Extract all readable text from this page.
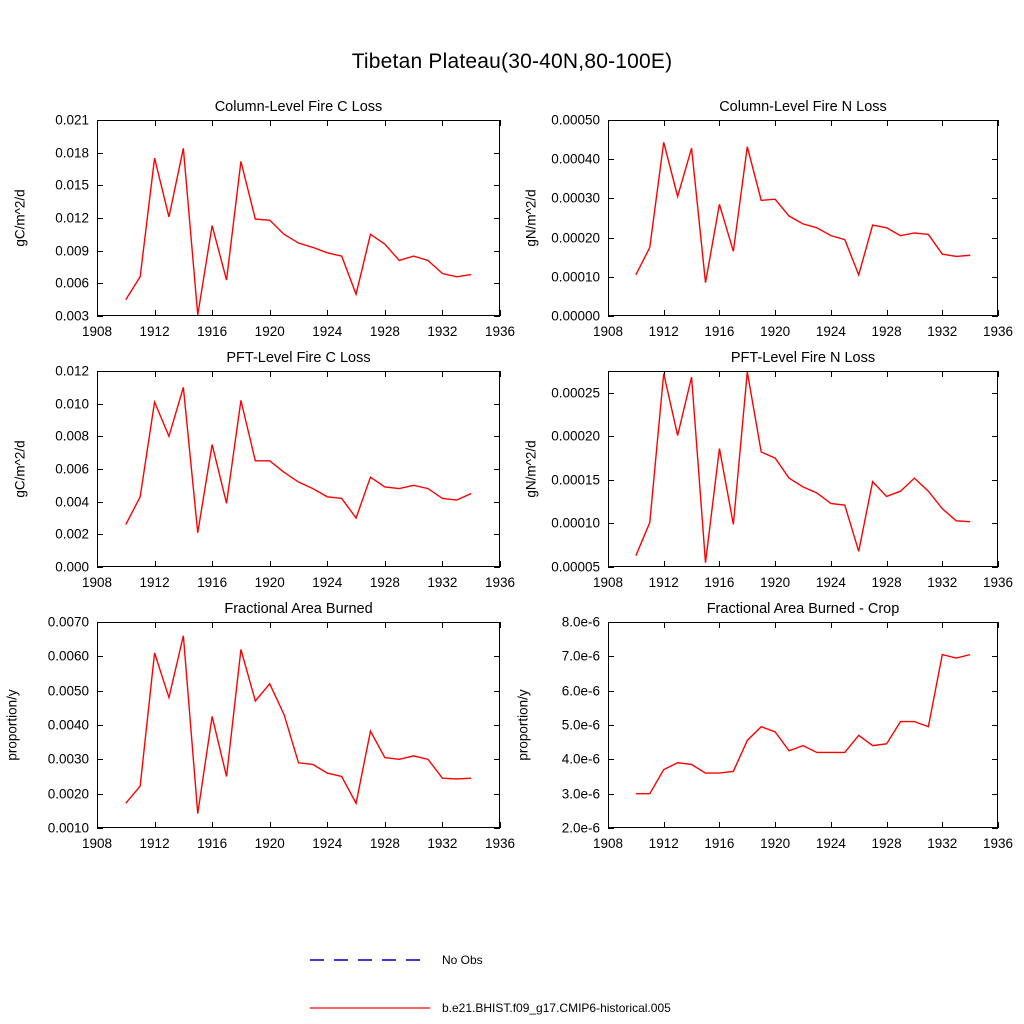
Tibetan Plateau(30-40N,80-100E)
Column-Level Fire C Loss
0.003
0.006
0.009
0.012
0.015
0.018
0.021
1908 1912 1916 1920 1924 1928 1932 1936
gC/m^2/d
Column-Level Fire N Loss
0.00000
0.00010
0.00020
0.00030
0.00040
0.00050
1908 1912 1916 1920 1924 1928 1932 1936
gN/m^2/d
PFT-Level Fire C Loss
0.000
0.002
0.004
0.006
0.008
0.010
0.012
1908 1912 1916 1920 1924 1928 1932 1936
gC/m^2/d
PFT-Level Fire N Loss
0.00005
0.00010
0.00015
0.00020
0.00025
1908 1912 1916 1920 1924 1928 1932 1936
gN/m^2/d
Fractional Area Burned
0.0010
0.0020
0.0030
0.0040
0.0050
0.0060
0.0070
1908 1912 1916 1920 1924 1928 1932 1936
proportion/y
Fractional Area Burned - Crop
2.0e-6
3.0e-6
4.0e-6
5.0e-6
6.0e-6
7.0e-6
8.0e-6
1908 1912 1916 1920 1924 1928 1932 1936
proportion/y
No Obs
b.e21.BHIST.f09_g17.CMIP6-historical.005
